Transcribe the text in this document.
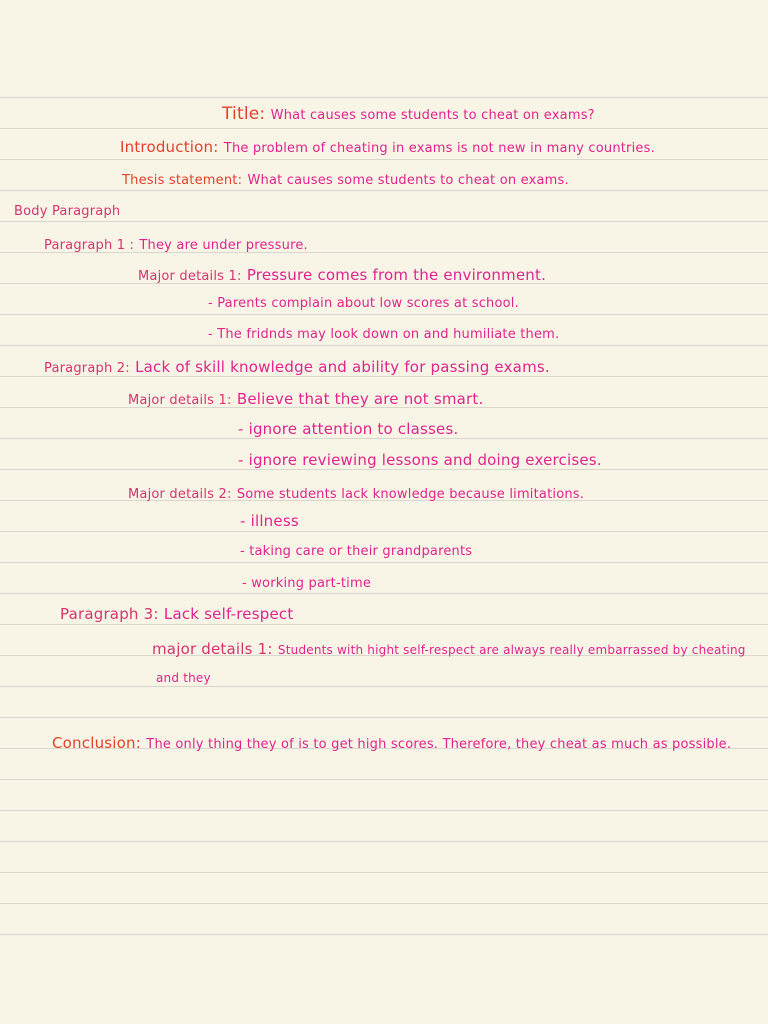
Title: What causes some students to cheat on exams?
Introduction: The problem of cheating in exams is not new in many countries.
Thesis statement: What causes some students to cheat on exams.
Body Paragraph
Paragraph 1 : They are under pressure.
Major details 1: Pressure comes from the environment.
- Parents complain about low scores at school.
- The fridnds may look down on and humiliate them.
Paragraph 2: Lack of skill knowledge and ability for passing exams.
Major details 1: Believe that they are not smart.
- ignore attention to classes.
- ignore reviewing lessons and doing exercises.
Major details 2: Some students lack knowledge because limitations.
- illness
- taking care or their grandparents
- working part-time
Paragraph 3: Lack self-respect
major details 1: Students with hight self-respect are always really embarrassed by cheating
and they
Conclusion: The only thing they of is to get high scores. Therefore, they cheat as much as possible.
